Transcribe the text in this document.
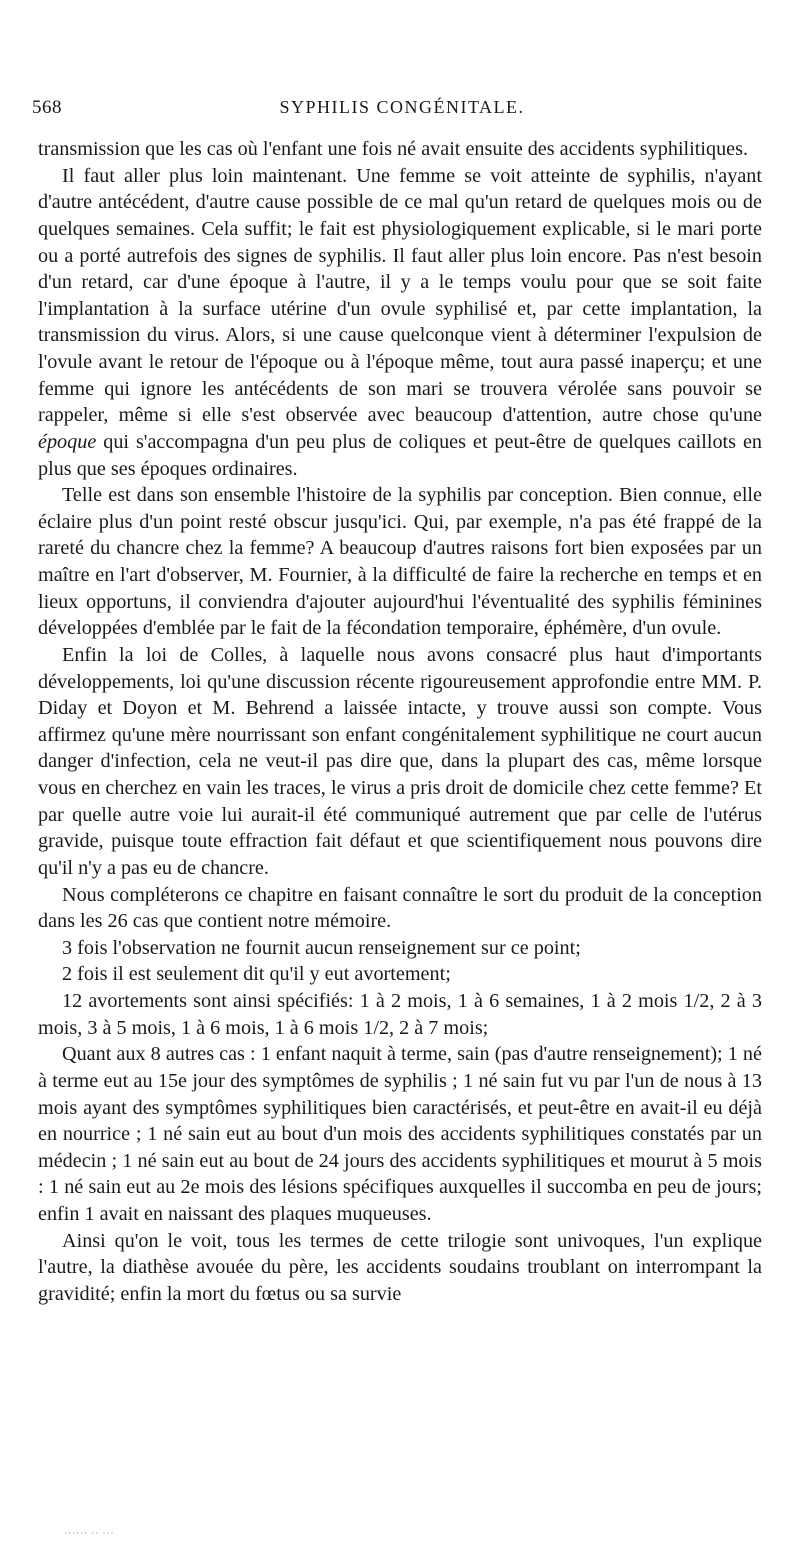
568	SYPHILIS CONGÉNITALE.

transmission que les cas où l'enfant une fois né avait ensuite des accidents syphilitiques.

Il faut aller plus loin maintenant. Une femme se voit atteinte de syphilis, n'ayant d'autre antécédent, d'autre cause possible de ce mal qu'un retard de quelques mois ou de quelques semaines. Cela suffit; le fait est physiologiquement explicable, si le mari porte ou a porté autrefois des signes de syphilis. Il faut aller plus loin encore. Pas n'est besoin d'un retard, car d'une époque à l'autre, il y a le temps voulu pour que se soit faite l'implantation à la surface utérine d'un ovule syphilisé et, par cette implantation, la transmission du virus. Alors, si une cause quelconque vient à déterminer l'expulsion de l'ovule avant le retour de l'époque ou à l'époque même, tout aura passé inaperçu; et une femme qui ignore les antécédents de son mari se trouvera vérolée sans pouvoir se rappeler, même si elle s'est observée avec beaucoup d'attention, autre chose qu'une époque qui s'accompagna d'un peu plus de coliques et peut-être de quelques caillots en plus que ses époques ordinaires.

Telle est dans son ensemble l'histoire de la syphilis par conception. Bien connue, elle éclaire plus d'un point resté obscur jusqu'ici. Qui, par exemple, n'a pas été frappé de la rareté du chancre chez la femme? A beaucoup d'autres raisons fort bien exposées par un maître en l'art d'observer, M. Fournier, à la difficulté de faire la recherche en temps et en lieux opportuns, il conviendra d'ajouter aujourd'hui l'éventualité des syphilis féminines développées d'emblée par le fait de la fécondation temporaire, éphémère, d'un ovule.

Enfin la loi de Colles, à laquelle nous avons consacré plus haut d'importants développements, loi qu'une discussion récente rigoureusement approfondie entre MM. P. Diday et Doyon et M. Behrend a laissée intacte, y trouve aussi son compte. Vous affirmez qu'une mère nourrissant son enfant congénitalement syphilitique ne court aucun danger d'infection, cela ne veut-il pas dire que, dans la plupart des cas, même lorsque vous en cherchez en vain les traces, le virus a pris droit de domicile chez cette femme? Et par quelle autre voie lui aurait-il été communiqué autrement que par celle de l'utérus gravide, puisque toute effraction fait défaut et que scientifiquement nous pouvons dire qu'il n'y a pas eu de chancre.

Nous compléterons ce chapitre en faisant connaître le sort du produit de la conception dans les 26 cas que contient notre mémoire.

3 fois l'observation ne fournit aucun renseignement sur ce point;

2 fois il est seulement dit qu'il y eut avortement;

12 avortements sont ainsi spécifiés: 1 à 2 mois, 1 à 6 semaines, 1 à 2 mois 1/2, 2 à 3 mois, 3 à 5 mois, 1 à 6 mois, 1 à 6 mois 1/2, 2 à 7 mois;

Quant aux 8 autres cas : 1 enfant naquit à terme, sain (pas d'autre renseignement); 1 né à terme eut au 15e jour des symptômes de syphilis ; 1 né sain fut vu par l'un de nous à 13 mois ayant des symptômes syphilitiques bien caractérisés, et peut-être en avait-il eu déjà en nourrice ; 1 né sain eut au bout d'un mois des accidents syphilitiques constatés par un médecin ; 1 né sain eut au bout de 24 jours des accidents syphilitiques et mourut à 5 mois : 1 né sain eut au 2e mois des lésions spécifiques auxquelles il succomba en peu de jours; enfin 1 avait en naissant des plaques muqueuses.

Ainsi qu'on le voit, tous les termes de cette trilogie sont univoques, l'un explique l'autre, la diathèse avouée du père, les accidents soudains troublant on interrompant la gravidité; enfin la mort du fœtus ou sa survie

······ ·· ···
